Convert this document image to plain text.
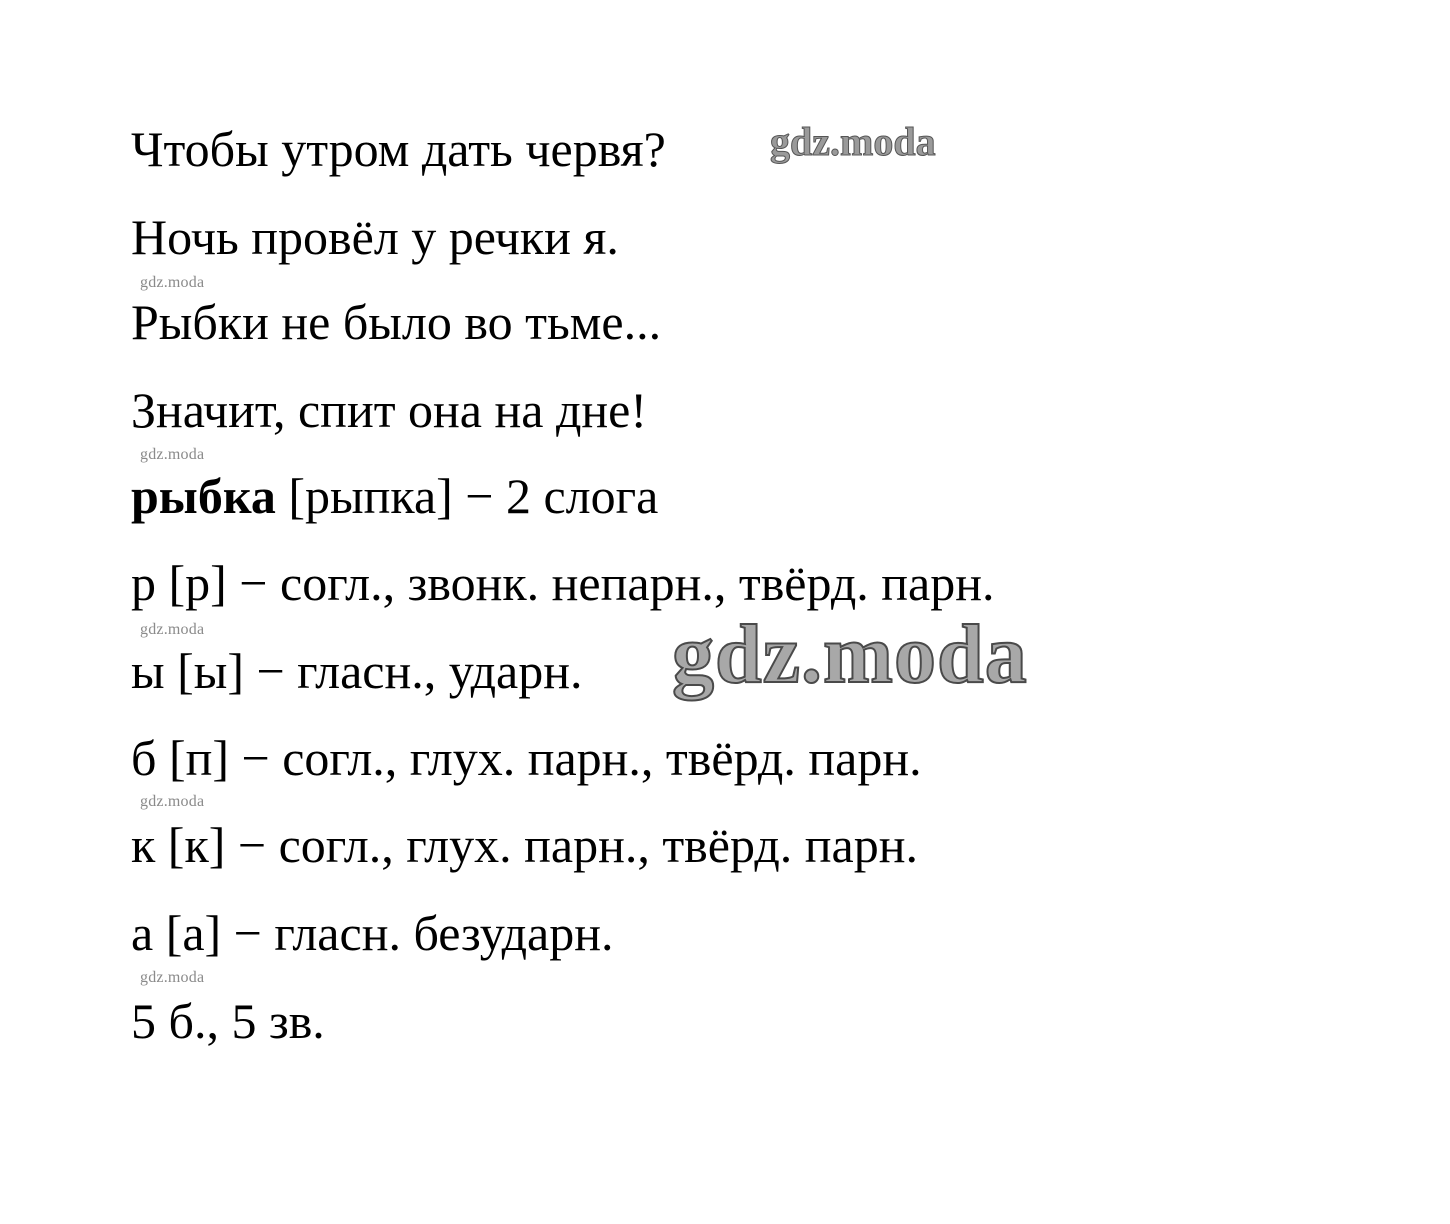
Чтобы утром дать червя?	gdz.moda
Ночь провёл у речки я.
gdz.moda
Рыбки не было во тьме...
Значит, спит она на дне!
gdz.moda
рыбка [рыпка] − 2 слога
р [р] − согл., звонк. непарн., твёрд. парн.
gdz.moda
ы [ы] − гласн., ударн. gdz.moda
б [п] − согл., глух. парн., твёрд. парн.
gdz.moda
к [к] − согл., глух. парн., твёрд. парн.
а [а] − гласн. безударн.
gdz.moda
5 б., 5 зв.
